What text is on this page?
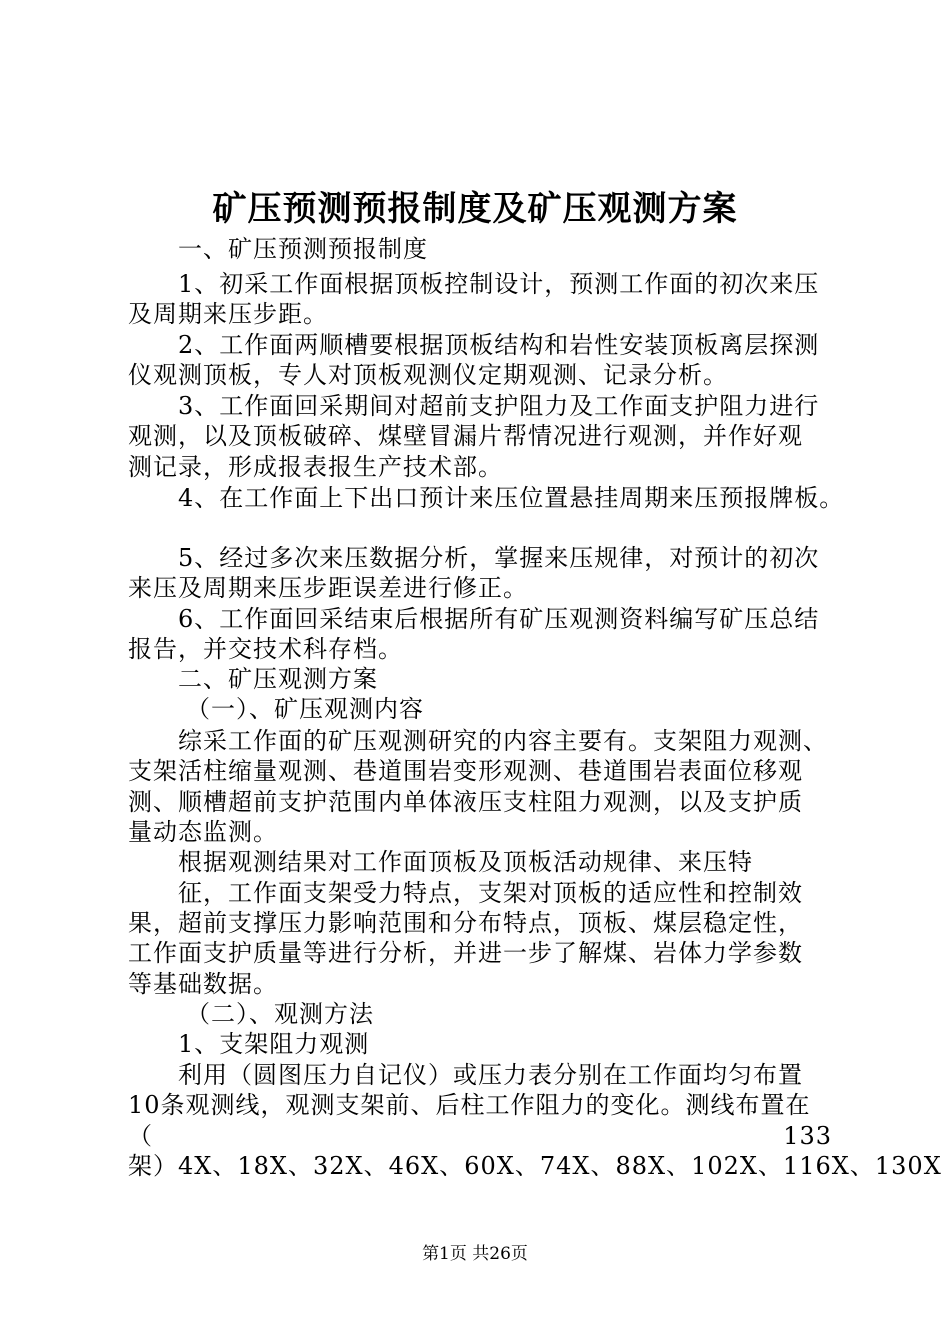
矿压预测预报制度及矿压观测方案
一、矿压预测预报制度
1、初采工作面根据顶板控制设计，预测工作面的初次来压
及周期来压步距。
2、工作面两顺槽要根据顶板结构和岩性安装顶板离层探测
仪观测顶板，专人对顶板观测仪定期观测、记录分析。
3、工作面回采期间对超前支护阻力及工作面支护阻力进行
观测，以及顶板破碎、煤壁冒漏片帮情况进行观测，并作好观
测记录，形成报表报生产技术部。
4、在工作面上下出口预计来压位置悬挂周期来压预报牌板。
5、经过多次来压数据分析，掌握来压规律，对预计的初次
来压及周期来压步距误差进行修正。
6、工作面回采结束后根据所有矿压观测资料编写矿压总结
报告，并交技术科存档。
二、矿压观测方案
（一）、矿压观测内容
综采工作面的矿压观测研究的内容主要有。支架阻力观测、
支架活柱缩量观测、巷道围岩变形观测、巷道围岩表面位移观
测、顺槽超前支护范围内单体液压支柱阻力观测，以及支护质
量动态监测。
根据观测结果对工作面顶板及顶板活动规律、来压特
征，工作面支架受力特点，支架对顶板的适应性和控制效
果，超前支撑压力影响范围和分布特点，顶板、煤层稳定性，
工作面支护质量等进行分析，并进一步了解煤、岩体力学参数
等基础数据。
（二）、观测方法
1、支架阻力观测
利用（圆图压力自记仪）或压力表分别在工作面均匀布置
10条观测线，观测支架前、后柱工作阻力的变化。测线布置在
（	133
架）4X、18X、32X、46X、60X、74X、88X、102X、116X、130X
第1页 共26页
